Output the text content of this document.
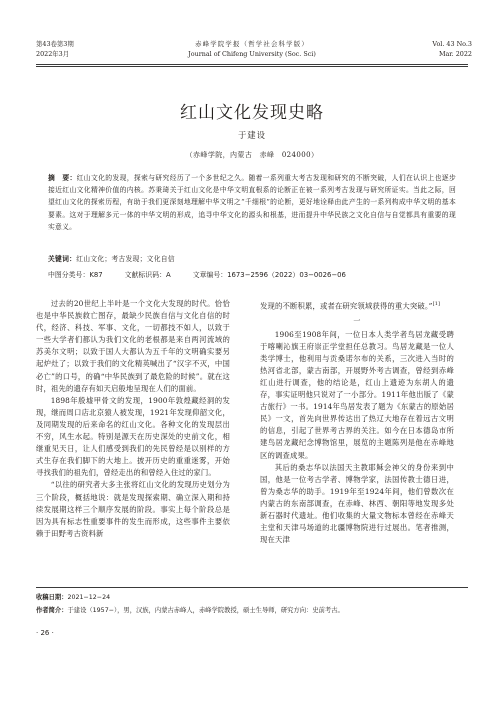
第43卷第3期
2022年3月
赤峰学院学报（哲学社会科学版）
Journal of Chifeng University (Soc. Sci)
Vol. 43 No.3
Mar. 2022
红山文化发现史略
于建设
（赤峰学院，内蒙古　赤峰　024000）
摘　要：红山文化的发现，探索与研究经历了一个多世纪之久。随着一系列重大考古发现和研究的不断突破，人们在认识上也逐步接近红山文化精神价值的内核。苏秉琦关于红山文化是中华文明直根系的论断正在被一系列考古发现与研究所证实。当此之际，回望红山文化的探索历程，有助于我们更深刻地理解中华文明之“千细根”的论断，更好地诠释由此产生的一系列构成中华文明的基本要素。这对于理解多元一体的中华文明的形成，追寻中华文化的源头和根基，进而提升中华民族之文化自信与自觉都具有重要的现实意义。
关键词：红山文化；考古发现；文化自信
中图分类号：K87	文献标识码：A	文章编号：1673−2596（2022）03−0026−06

过去的20世纪上半叶是一个文化大发现的时代。恰恰也是中华民族救亡图存，最缺少民族自信与文化自信的时代，经济、科技、军事、文化，一切都技不如人，以致于一些大学者们都认为我们文化的老根都是来自两河流域的苏美尔文明；以致于国人大都认为五千年的文明确实要另起炉灶了；以致于我们的文化精英喊出了“汉字不灭，中国必亡”的口号，的确“中华民族到了最危险的时候”。就在这时，祖先的遗存有如天启般地呈现在人们的面前。

1898年殷墟甲骨文的发现，1900年敦煌藏经洞的发现，继而周口店北京猿人被发现，1921年发现仰韶文化，及同期发现的后来命名的红山文化。各种文化的发现层出不穷，风生水起。特别是源天在历史深处的史前文化，相继重见天日，让人们感受到我们的先民曾经是以别样的方式生存在我们脚下的大地上。披开历史的重重迷雾，开始寻找我们的祖先们，曾经走出的和曾经入住过的家门。

“以往的研究者大多主张将红山文化的发现历史划分为三个阶段，概括地说：就是发现探索期、确立深入期和持续发展期这样三个顺序发展的阶段。事实上每个阶段总是因为具有标志性重要事件的发生而形成，这些事件主要依赖于田野考古资料新

发现的不断积累，或者在研究领域获得的重大突破。”[1]

一

1906至1908年间，一位日本人类学者鸟居龙藏受聘于喀喇沁旗王府崇正学堂担任总教习。鸟居龙藏是一位人类学博士，他利用与贡桑诺尔布的关系，三次进入当时的热河省北部，蒙古南部，开展野外考古调查，曾经到赤峰红山进行调查，他的结论是，红山上遗迹为东胡人的遗存，事实证明他只说对了一小部分。1911年他出版了《蒙古旅行》一书。1914年鸟居发表了题为《东蒙古的原始居民》一文，首先向世界传达出了热辽大地存在着远古文明的信息，引起了世界考古界的关注。如今在日本德岛市所建鸟居龙藏纪念博物馆里，展览的主题陈列是他在赤峰地区的调查成果。

其后的桑志华以法国天主教耶稣会神父的身份来到中国，他是一位考古学者、博物学家，法国传教士德日进，曾为桑志华的助手。1919年至1924年间，他们曾数次在内蒙古的东南部调查，在赤峰、林西、朝阳等地发现多处新石器时代遗址。他们收集的大量文物标本曾经在赤峰天主堂和天津马场道的北疆博物院进行过展出。笔者推测，现在天津

收稿日期：2021−12−24
作者简介：于建设（1957−），男，汉族，内蒙古赤峰人，赤峰学院教授，硕士生导师，研究方向：史前考古。
· 26 ·
